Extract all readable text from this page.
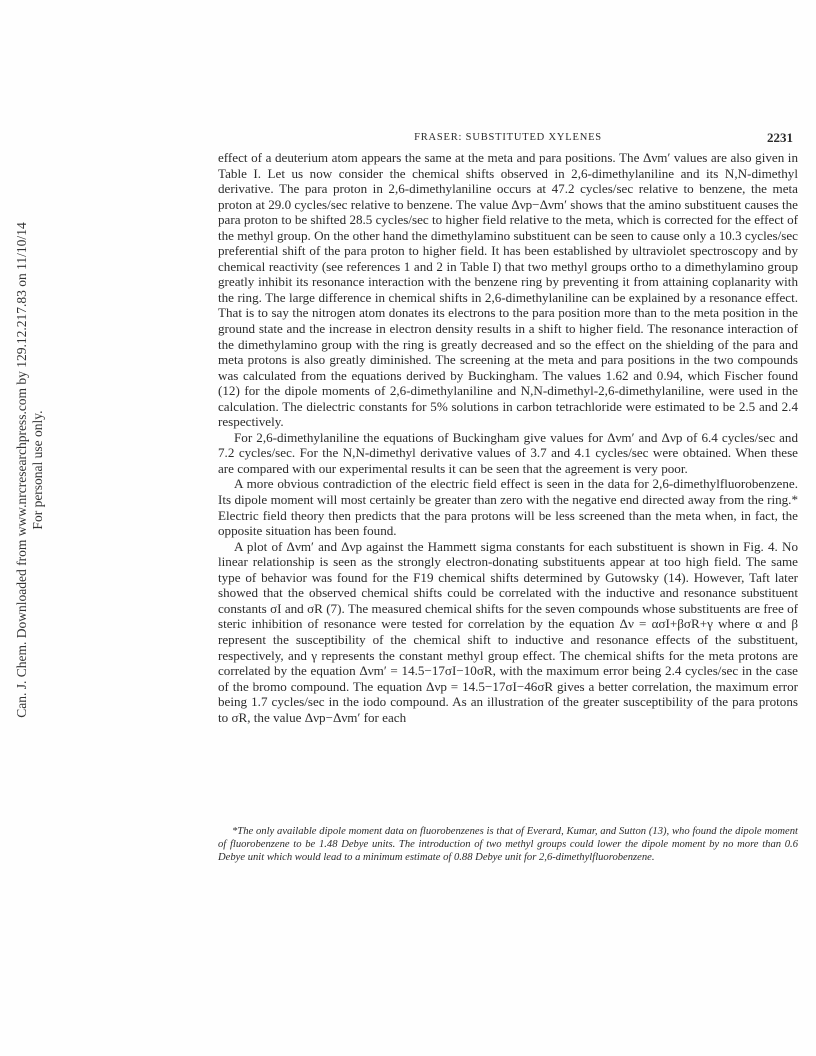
Can. J. Chem. Downloaded from www.nrcresearchpress.com by 129.12.217.83 on 11/10/14 For personal use only.
FRASER: SUBSTITUTED XYLENES	2231

effect of a deuterium atom appears the same at the meta and para positions. The Δνm′ values are also given in Table I. Let us now consider the chemical shifts observed in 2,6-dimethylaniline and its N,N-dimethyl derivative. The para proton in 2,6-dimethylaniline occurs at 47.2 cycles/sec relative to benzene, the meta proton at 29.0 cycles/sec relative to benzene. The value Δνp−Δνm′ shows that the amino substituent causes the para proton to be shifted 28.5 cycles/sec to higher field relative to the meta, which is corrected for the effect of the methyl group. On the other hand the dimethylamino substituent can be seen to cause only a 10.3 cycles/sec preferential shift of the para proton to higher field. It has been established by ultraviolet spectroscopy and by chemical reactivity (see references 1 and 2 in Table I) that two methyl groups ortho to a dimethylamino group greatly inhibit its resonance interaction with the benzene ring by preventing it from attaining coplanarity with the ring. The large difference in chemical shifts in 2,6-dimethylaniline can be explained by a resonance effect. That is to say the nitrogen atom donates its electrons to the para position more than to the meta position in the ground state and the increase in electron density results in a shift to higher field. The resonance interaction of the dimethylamino group with the ring is greatly decreased and so the effect on the shielding of the para and meta protons is also greatly diminished. The screening at the meta and para positions in the two compounds was calculated from the equations derived by Buckingham. The values 1.62 and 0.94, which Fischer found (12) for the dipole moments of 2,6-dimethylaniline and N,N-dimethyl-2,6-dimethylaniline, were used in the calculation. The dielectric constants for 5% solutions in carbon tetrachloride were estimated to be 2.5 and 2.4 respectively.

For 2,6-dimethylaniline the equations of Buckingham give values for Δνm′ and Δνp of 6.4 cycles/sec and 7.2 cycles/sec. For the N,N-dimethyl derivative values of 3.7 and 4.1 cycles/sec were obtained. When these are compared with our experimental results it can be seen that the agreement is very poor.

A more obvious contradiction of the electric field effect is seen in the data for 2,6-dimethylfluorobenzene. Its dipole moment will most certainly be greater than zero with the negative end directed away from the ring.* Electric field theory then predicts that the para protons will be less screened than the meta when, in fact, the opposite situation has been found.

A plot of Δνm′ and Δνp against the Hammett sigma constants for each substituent is shown in Fig. 4. No linear relationship is seen as the strongly electron-donating substituents appear at too high field. The same type of behavior was found for the F19 chemical shifts determined by Gutowsky (14). However, Taft later showed that the observed chemical shifts could be correlated with the inductive and resonance substituent constants σI and σR (7). The measured chemical shifts for the seven compounds whose substituents are free of steric inhibition of resonance were tested for correlation by the equation Δν = ασI+βσR+γ where α and β represent the susceptibility of the chemical shift to inductive and resonance effects of the substituent, respectively, and γ represents the constant methyl group effect. The chemical shifts for the meta protons are correlated by the equation Δνm′ = 14.5−17σI−10σR, with the maximum error being 2.4 cycles/sec in the case of the bromo compound. The equation Δνp = 14.5−17σI−46σR gives a better correlation, the maximum error being 1.7 cycles/sec in the iodo compound. As an illustration of the greater susceptibility of the para protons to σR, the value Δνp−Δνm′ for each

*The only available dipole moment data on fluorobenzenes is that of Everard, Kumar, and Sutton (13), who found the dipole moment of fluorobenzene to be 1.48 Debye units. The introduction of two methyl groups could lower the dipole moment by no more than 0.6 Debye unit which would lead to a minimum estimate of 0.88 Debye unit for 2,6-dimethylfluorobenzene.
